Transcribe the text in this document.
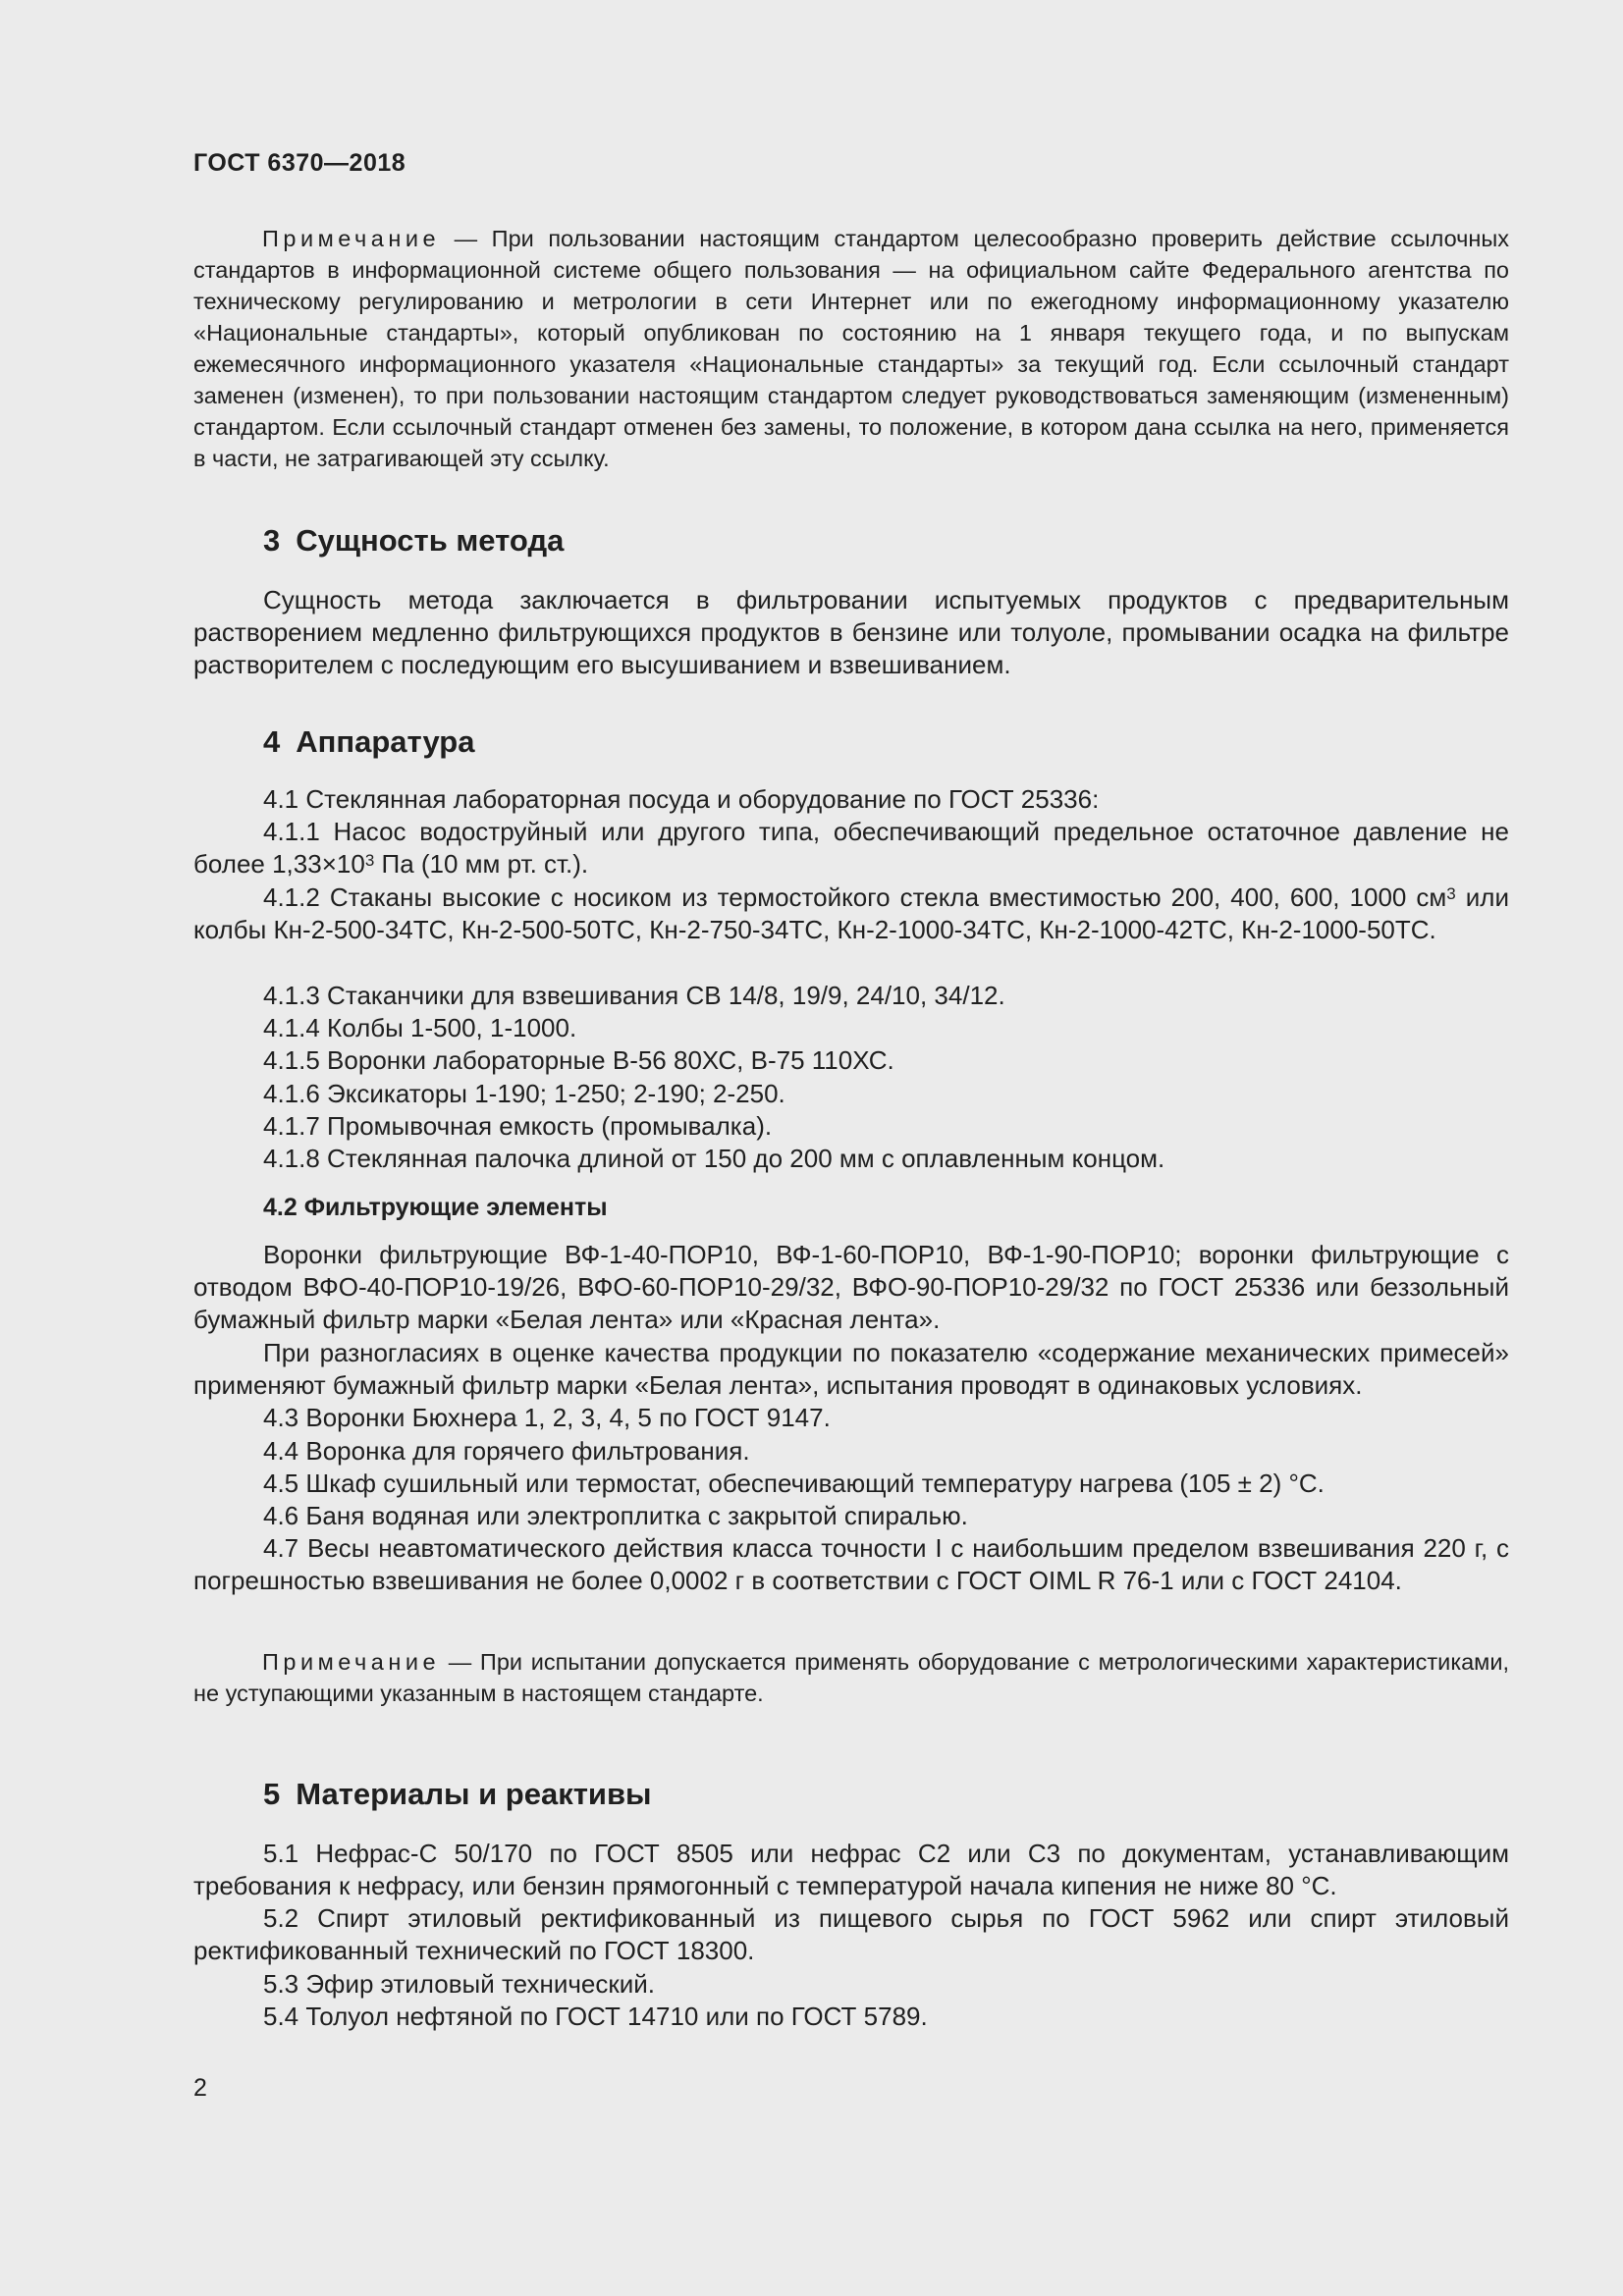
ГОСТ 6370—2018

Примечание — При пользовании настоящим стандартом целесообразно проверить действие ссылочных стандартов в информационной системе общего пользования — на официальном сайте Федерального агентства по техническому регулированию и метрологии в сети Интернет или по ежегодному информационному указателю «Национальные стандарты», который опубликован по состоянию на 1 января текущего года, и по выпускам ежемесячного информационного указателя «Национальные стандарты» за текущий год. Если ссылочный стандарт заменен (изменен), то при пользовании настоящим стандартом следует руководствоваться заменяющим (измененным) стандартом. Если ссылочный стандарт отменен без замены, то положение, в котором дана ссылка на него, применяется в части, не затрагивающей эту ссылку.

3 Сущность метода

Сущность метода заключается в фильтровании испытуемых продуктов с предварительным растворением медленно фильтрующихся продуктов в бензине или толуоле, промывании осадка на фильтре растворителем с последующим его высушиванием и взвешиванием.

4 Аппаратура

4.1 Стеклянная лабораторная посуда и оборудование по ГОСТ 25336:

4.1.1 Насос водоструйный или другого типа, обеспечивающий предельное остаточное давление не более $1,33\times 10^3$ Па (10 мм рт. ст.).

4.1.2 Стаканы высокие с носиком из термостойкого стекла вместимостью 200, 400, 600, 1000 $см^3$ или колбы Кн-2-500-34ТС, Кн-2-500-50ТС, Кн-2-750-34ТС, Кн-2-1000-34ТС, Кн-2-1000-42ТС, Кн-2-1000-50ТС.

4.1.3 Стаканчики для взвешивания СВ 14/8, 19/9, 24/10, 34/12.

4.1.4 Колбы 1-500, 1-1000.

4.1.5 Воронки лабораторные В-56 80ХС, В-75 110ХС.

4.1.6 Эксикаторы 1-190; 1-250; 2-190; 2-250.

4.1.7 Промывочная емкость (промывалка).

4.1.8 Стеклянная палочка длиной от 150 до 200 мм с оплавленным концом.

4.2 Фильтрующие элементы

Воронки фильтрующие ВФ-1-40-ПОР10, ВФ-1-60-ПОР10, ВФ-1-90-ПОР10; воронки фильтрующие с отводом ВФО-40-ПОР10-19/26, ВФО-60-ПОР10-29/32, ВФО-90-ПОР10-29/32 по ГОСТ 25336 или беззольный бумажный фильтр марки «Белая лента» или «Красная лента».

При разногласиях в оценке качества продукции по показателю «содержание механических примесей» применяют бумажный фильтр марки «Белая лента», испытания проводят в одинаковых условиях.

4.3 Воронки Бюхнера 1, 2, 3, 4, 5 по ГОСТ 9147.

4.4 Воронка для горячего фильтрования.

4.5 Шкаф сушильный или термостат, обеспечивающий температуру нагрева (105 ± 2) °С.

4.6 Баня водяная или электроплитка с закрытой спиралью.

4.7 Весы неавтоматического действия класса точности I с наибольшим пределом взвешивания 220 г, с погрешностью взвешивания не более 0,0002 г в соответствии с ГОСТ OIML R 76-1 или с ГОСТ 24104.

Примечание — При испытании допускается применять оборудование с метрологическими характеристиками, не уступающими указанным в настоящем стандарте.

5 Материалы и реактивы

5.1 Нефрас-С 50/170 по ГОСТ 8505 или нефрас С2 или С3 по документам, устанавливающим требования к нефрасу, или бензин прямогонный с температурой начала кипения не ниже 80 °С.

5.2 Спирт этиловый ректификованный из пищевого сырья по ГОСТ 5962 или спирт этиловый ректификованный технический по ГОСТ 18300.

5.3 Эфир этиловый технический.

5.4 Толуол нефтяной по ГОСТ 14710 или по ГОСТ 5789.

2
